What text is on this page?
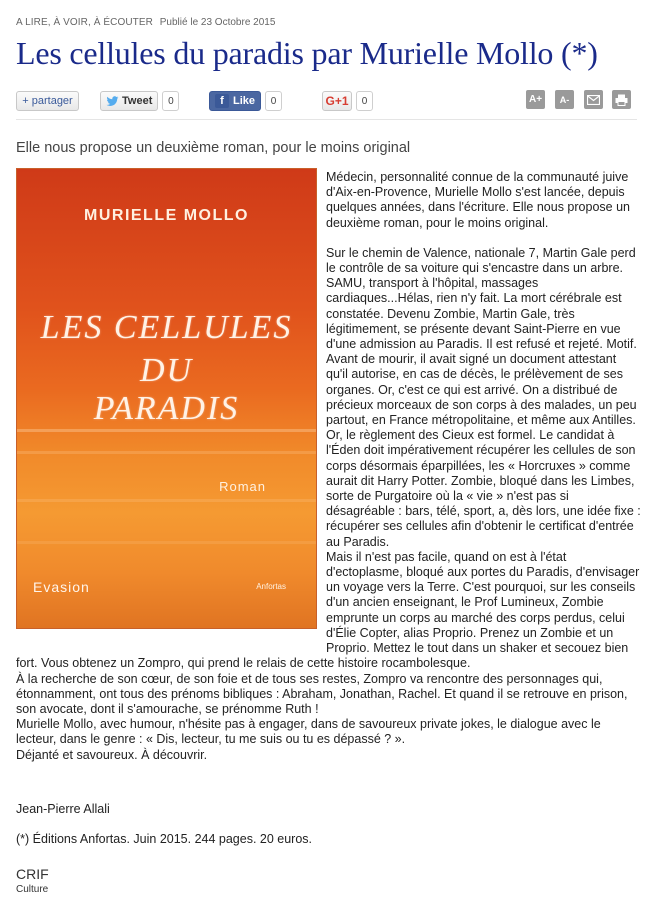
A LIRE, À VOIR, À ÉCOUTER Publié le 23 Octobre 2015
Les cellules du paradis par Murielle Mollo (*)
+ partager	Tweet	0	f Like	0	G+1	0	A+ A-
Elle nous propose un deuxième roman, pour le moins original
MURIELLE MOLLO
LES CELLULES
DU
PARADIS
Roman
Evasion	Anfortas

Médecin, personnalité connue de la communauté juive d'Aix-en-Provence, Murielle Mollo s'est lancée, depuis quelques années, dans l'écriture. Elle nous propose un deuxième roman, pour le moins original.

Sur le chemin de Valence, nationale 7, Martin Gale perd le contrôle de sa voiture qui s'encastre dans un arbre. SAMU, transport à l'hôpital, massages cardiaques...Hélas, rien n'y fait. La mort cérébrale est constatée. Devenu Zombie, Martin Gale, très légitimement, se présente devant Saint-Pierre en vue d'une admission au Paradis. Il est refusé et rejeté. Motif.

Avant de mourir, il avait signé un document attestant qu'il autorise, en cas de décès, le prélèvement de ses organes. Or, c'est ce qui est arrivé. On a distribué de précieux morceaux de son corps à des malades, un peu partout, en France métropolitaine, et même aux Antilles.

Or, le règlement des Cieux est formel. Le candidat à l'Éden doit impérativement récupérer les cellules de son corps désormais éparpillées, les « Horcruxes » comme aurait dit Harry Potter. Zombie, bloqué dans les Limbes, sorte de Purgatoire où la « vie » n'est pas si désagréable : bars, télé, sport, a, dès lors, une idée fixe : récupérer ses cellules afin d'obtenir le certificat d'entrée au Paradis.

Mais il n'est pas facile, quand on est à l'état d'ectoplasme, bloqué aux portes du Paradis, d'envisager un voyage vers la Terre. C'est pourquoi, sur les conseils d'un ancien enseignant, le Prof Lumineux, Zombie emprunte un corps au marché des corps perdus, celui d'Élie Copter, alias Proprio. Prenez un Zombie et un Proprio. Mettez le tout dans un shaker et secouez bien fort. Vous obtenez un Zompro, qui prend le relais de cette histoire rocambolesque.

À la recherche de son cœur, de son foie et de tous ses restes, Zompro va rencontre des personnages qui, étonnamment, ont tous des prénoms bibliques : Abraham, Jonathan, Rachel. Et quand il se retrouve en prison, son avocate, dont il s'amourache, se prénomme Ruth !

Murielle Mollo, avec humour, n'hésite pas à engager, dans de savoureux private jokes, le dialogue avec le lecteur, dans le genre : « Dis, lecteur, tu me suis ou tu es dépassé ? ».

Déjanté et savoureux. À découvrir.

Jean-Pierre Allali
(*) Éditions Anfortas. Juin 2015. 244 pages. 20 euros.
CRIF
Culture
